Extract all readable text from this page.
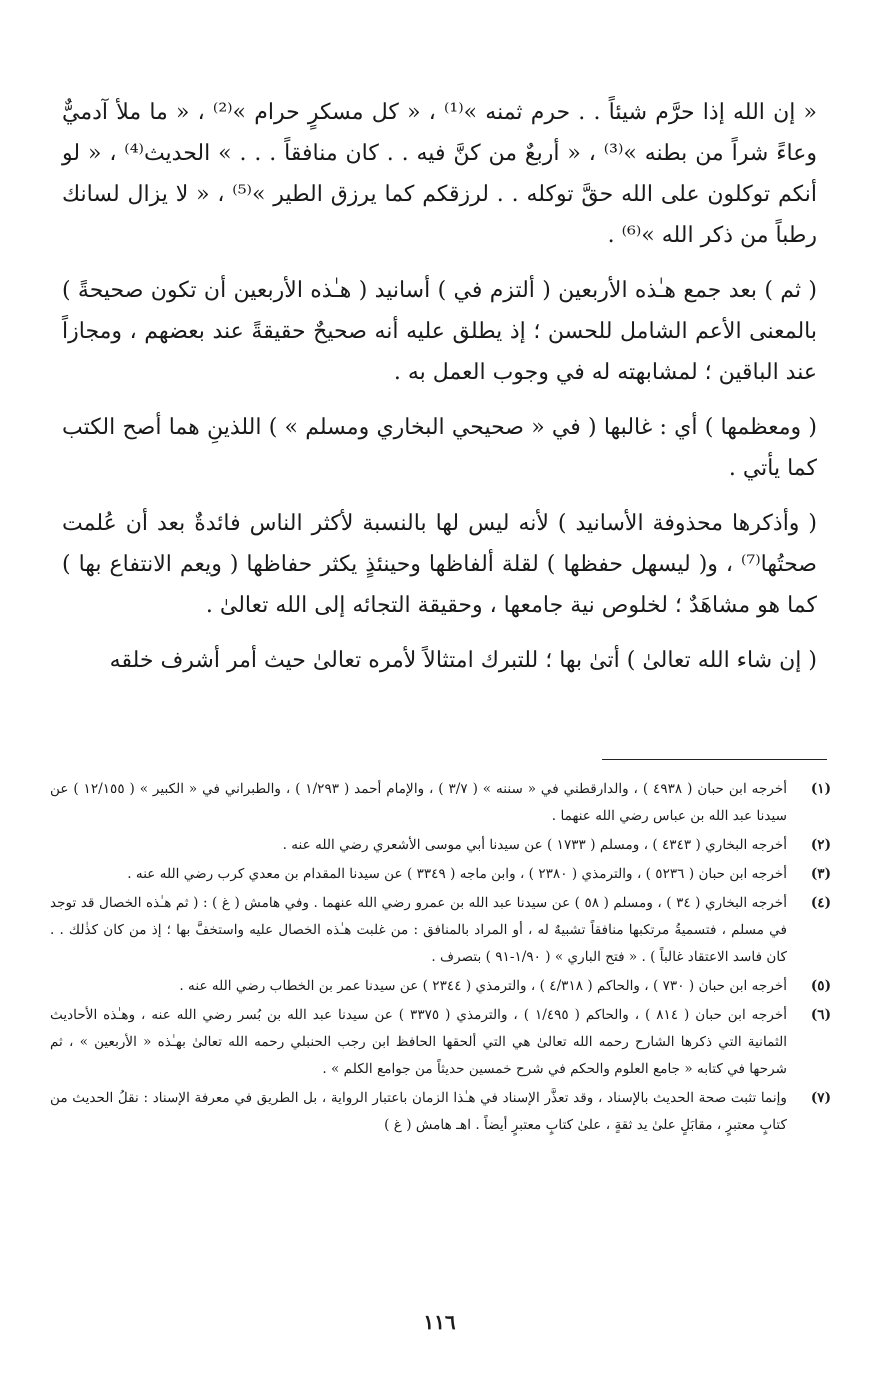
« إن الله إذا حرَّم شيئاً . . حرم ثمنه »⁽¹⁾ ، « كل مسكرٍ حرام »⁽²⁾ ، « ما ملأ آدميٌّ وعاءً شراً من بطنه »⁽³⁾ ، « أربعٌ من كنَّ فيه . . كان منافقاً . . . » الحديث⁽⁴⁾ ، « لو أنكم توكلون على الله حقَّ توكله . . لرزقكم كما يرزق الطير »⁽⁵⁾ ، « لا يزال لسانك رطباً من ذكر الله »⁽⁶⁾ .

( ثم ) بعد جمع هـٰذه الأربعين ( ألتزم في ) أسانيد ( هـٰذه الأربعين أن تكون صحيحةً ) بالمعنى الأعم الشامل للحسن ؛ إذ يطلق عليه أنه صحيحٌ حقيقةً عند بعضهم ، ومجازاً عند الباقين ؛ لمشابهته له في وجوب العمل به .

( ومعظمها ) أي : غالبها ( في « صحيحي البخاري ومسلم » ) اللذينِ هما أصح الكتب كما يأتي .

( وأذكرها محذوفة الأسانيد ) لأنه ليس لها بالنسبة لأكثر الناس فائدةٌ بعد أن عُلمت صحتُها⁽⁷⁾ ، و( ليسهل حفظها ) لقلة ألفاظها وحينئذٍ يكثر حفاظها ( ويعم الانتفاع بها ) كما هو مشاهَدٌ ؛ لخلوص نية جامعها ، وحقيقة التجائه إلى الله تعالىٰ .

( إن شاء الله تعالىٰ ) أتىٰ بها ؛ للتبرك امتثالاً لأمره تعالىٰ حيث أمر أشرف خلقه

(١)
أخرجه ابن حبان ( ٤٩٣٨ ) ، والدارقطني في « سننه » ( ٣/٧ ) ، والإمام أحمد ( ١/٢٩٣ ) ، والطبراني في « الكبير » ( ١٢/١٥٥ ) عن سيدنا عبد الله بن عباس رضي الله عنهما .
(٢)
أخرجه البخاري ( ٤٣٤٣ ) ، ومسلم ( ١٧٣٣ ) عن سيدنا أبي موسى الأشعري رضي الله عنه .
(٣)
أخرجه ابن حبان ( ٥٢٣٦ ) ، والترمذي ( ٢٣٨٠ ) ، وابن ماجه ( ٣٣٤٩ ) عن سيدنا المقدام بن معدي كرب رضي الله عنه .
(٤)
أخرجه البخاري ( ٣٤ ) ، ومسلم ( ٥٨ ) عن سيدنا عبد الله بن عمرو رضي الله عنهما . وفي هامش ( غ ) : ( ثم هـٰذه الخصال قد توجد في مسلم ، فتسميةُ مرتكبها منافقاً تشبيهٌ له ، أو المراد بالمنافق : من غلبت هـٰذه الخصال عليه واستخفَّ بها ؛ إذ من كان كذٰلك . . كان فاسد الاعتقاد غالباً ) . « فتح الباري » ( ١/٩٠-٩١ ) بتصرف .
(٥)
أخرجه ابن حبان ( ٧٣٠ ) ، والحاكم ( ٤/٣١٨ ) ، والترمذي ( ٢٣٤٤ ) عن سيدنا عمر بن الخطاب رضي الله عنه .
(٦)
أخرجه ابن حبان ( ٨١٤ ) ، والحاكم ( ١/٤٩٥ ) ، والترمذي ( ٣٣٧٥ ) عن سيدنا عبد الله بن بُسر رضي الله عنه ، وهـٰذه الأحاديث الثمانية التي ذكرها الشارح رحمه الله تعالىٰ هي التي ألحقها الحافظ ابن رجب الحنبلي رحمه الله تعالىٰ بهـٰذه « الأربعين » ، ثم شرحها في كتابه « جامع العلوم والحكم في شرح خمسين حديثاً من جوامع الكلم » .
(٧)
وإنما تثبت صحة الحديث بالإسناد ، وقد تعذَّر الإسناد في هـٰذا الزمان باعتبار الرواية ، بل الطريق في معرفة الإسناد : نقلُ الحديث من كتابٍ معتبرٍ ، مقابَلٍ علىٰ يد ثقةٍ ، علىٰ كتابٍ معتبرٍ أيضاً . اهـ هامش ( غ )
١١٦
